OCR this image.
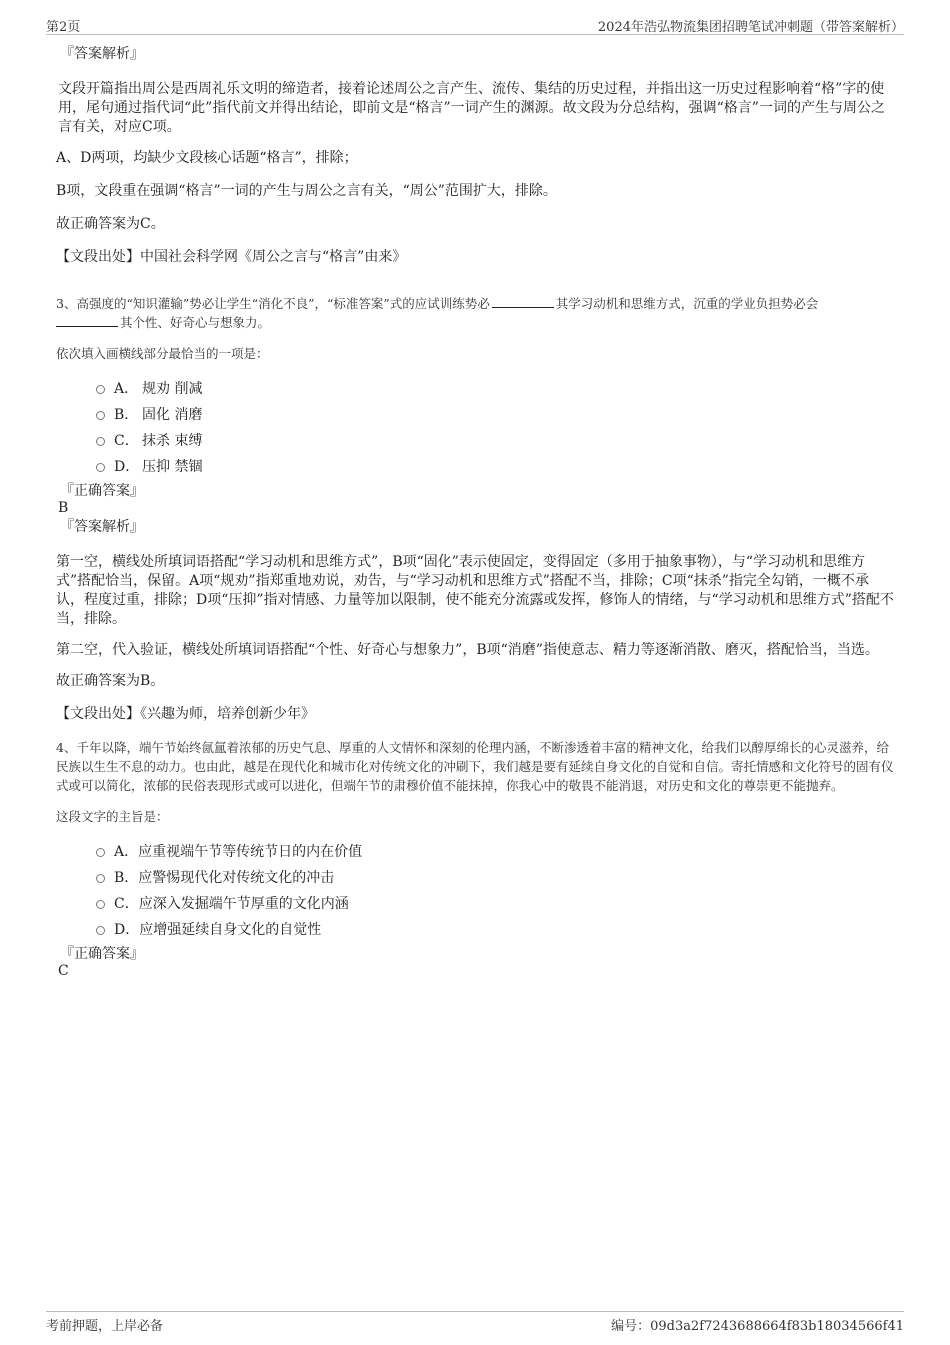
第2页	2024年浩弘物流集团招聘笔试冲刺题（带答案解析）
『答案解析』

文段开篇指出周公是西周礼乐文明的缔造者，接着论述周公之言产生、流传、集结的历史过程，并指出这一历史过程影响着“格”字的使用，尾句通过指代词“此”指代前文并得出结论，即前文是“格言”一词产生的渊源。故文段为分总结构，强调“格言”一词的产生与周公之言有关，对应C项。

A、D两项，均缺少文段核心话题“格言”，排除；

B项，文段重在强调“格言”一词的产生与周公之言有关，“周公”范围扩大，排除。

故正确答案为C。

【文段出处】中国社会科学网《周公之言与“格言”由来》

3、高强度的“知识灌输”势必让学生“消化不良”，“标准答案”式的应试训练势必	其学习动机和思维方式，沉重的学业负担势必会
其个性、好奇心与想象力。

依次填入画横线部分最恰当的一项是：

A． 规劝 削减
B． 固化 消磨
C． 抹杀 束缚
D． 压抑 禁锢
『正确答案』
B
『答案解析』

第一空，横线处所填词语搭配“学习动机和思维方式”，B项“固化”表示使固定，变得固定（多用于抽象事物），与“学习动机和思维方式”搭配恰当，保留。A项“规劝”指郑重地劝说，劝告，与“学习动机和思维方式”搭配不当，排除；C项“抹杀”指完全勾销，一概不承认，程度过重，排除；D项“压抑”指对情感、力量等加以限制，使不能充分流露或发挥，修饰人的情绪，与“学习动机和思维方式”搭配不当，排除。

第二空，代入验证，横线处所填词语搭配“个性、好奇心与想象力”，B项“消磨”指使意志、精力等逐渐消散、磨灭，搭配恰当，当选。

故正确答案为B。

【文段出处】《兴趣为师，培养创新少年》

4、千年以降，端午节始终氤氲着浓郁的历史气息、厚重的人文情怀和深刻的伦理内涵，不断渗透着丰富的精神文化，给我们以醇厚绵长的心灵滋养，给民族以生生不息的动力。也由此，越是在现代化和城市化对传统文化的冲刷下，我们越是要有延续自身文化的自觉和自信。寄托情感和文化符号的固有仪式或可以简化，浓郁的民俗表现形式或可以进化，但端午节的肃穆价值不能抹掉，你我心中的敬畏不能消退，对历史和文化的尊崇更不能抛弃。

这段文字的主旨是：

A．应重视端午节等传统节日的内在价值
B．应警惕现代化对传统文化的冲击
C．应深入发掘端午节厚重的文化内涵
D．应增强延续自身文化的自觉性
『正确答案』
C
考前押题，上岸必备	编号：09d3a2f7243688664f83b18034566f41
